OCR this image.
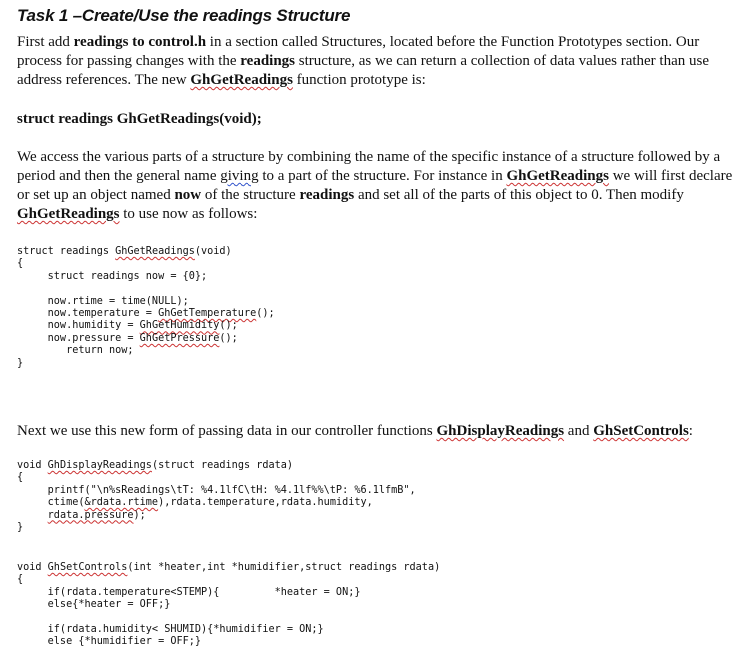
Task 1 –Create/Use the readings Structure
First add readings to control.h in a section called Structures, located before the Function Prototypes section. Our process for passing changes with the readings structure, as we can return a collection of data values rather than use address references. The new GhGetReadings function prototype is:
struct readings GhGetReadings(void);
We access the various parts of a structure by combining the name of the specific instance of a structure followed by a period and then the general name giving to a part of the structure. For instance in GhGetReadings we will first declare or set up an object named now of the structure readings and set all of the parts of this object to 0. Then modify GhGetReadings to use now as follows:
struct readings GhGetReadings(void)
{
struct readings now = {0};

now.rtime = time(NULL);
now.temperature = GhGetTemperature();
now.humidity = GhGetHumidity();
now.pressure = GhGetPressure();
return now;
}
Next we use this new form of passing data in our controller functions GhDisplayReadings and GhSetControls:
void GhDisplayReadings(struct readings rdata)
{
printf("\n%sReadings\tT: %4.1lfC\tH: %4.1lf%%\tP: %6.1lfmB",
ctime(&rdata.rtime),rdata.temperature,rdata.humidity,
rdata.pressure);
}
void GhSetControls(int *heater,int *humidifier,struct readings rdata)
{
if(rdata.temperature<STEMP){         *heater = ON;}
else{*heater = OFF;}

if(rdata.humidity< SHUMID){*humidifier = ON;}
else {*humidifier = OFF;}
